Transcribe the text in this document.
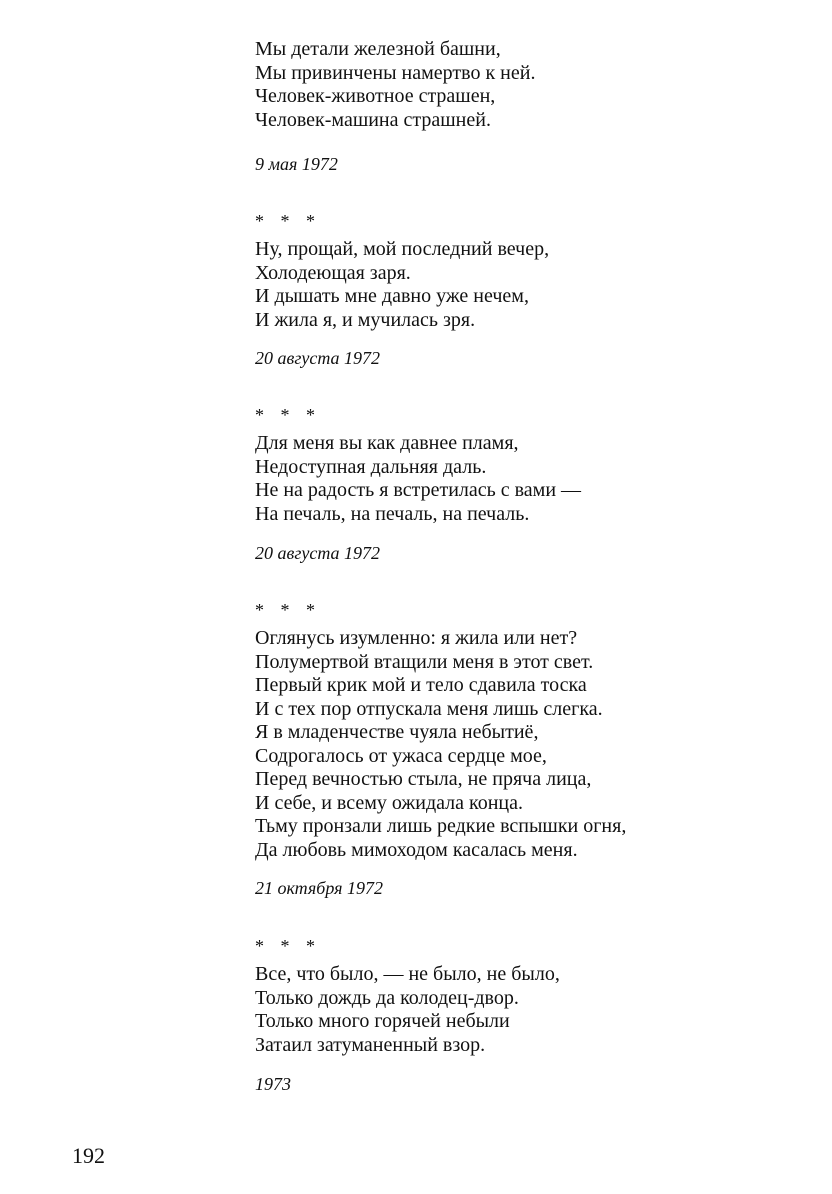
Мы детали железной башни,
Мы привинчены намертво к ней.
Человек-животное страшен,
Человек-машина страшней.
9 мая 1972
* * *
Ну, прощай, мой последний вечер,
Холодеющая заря.
И дышать мне давно уже нечем,
И жила я, и мучилась зря.
20 августа 1972
* * *
Для меня вы как давнее пламя,
Недоступная дальняя даль.
Не на радость я встретилась с вами —
На печаль, на печаль, на печаль.
20 августа 1972
* * *
Оглянусь изумленно: я жила или нет?
Полумертвой втащили меня в этот свет.
Первый крик мой и тело сдавила тоска
И с тех пор отпускала меня лишь слегка.
Я в младенчестве чуяла небытиё,
Содрогалось от ужаса сердце мое,
Перед вечностью стыла, не пряча лица,
И себе, и всему ожидала конца.
Тьму пронзали лишь редкие вспышки огня,
Да любовь мимоходом касалась меня.
21 октября 1972
* * *
Все, что было, — не было, не было,
Только дождь да колодец-двор.
Только много горячей небыли
Затаил затуманенный взор.
1973
192
